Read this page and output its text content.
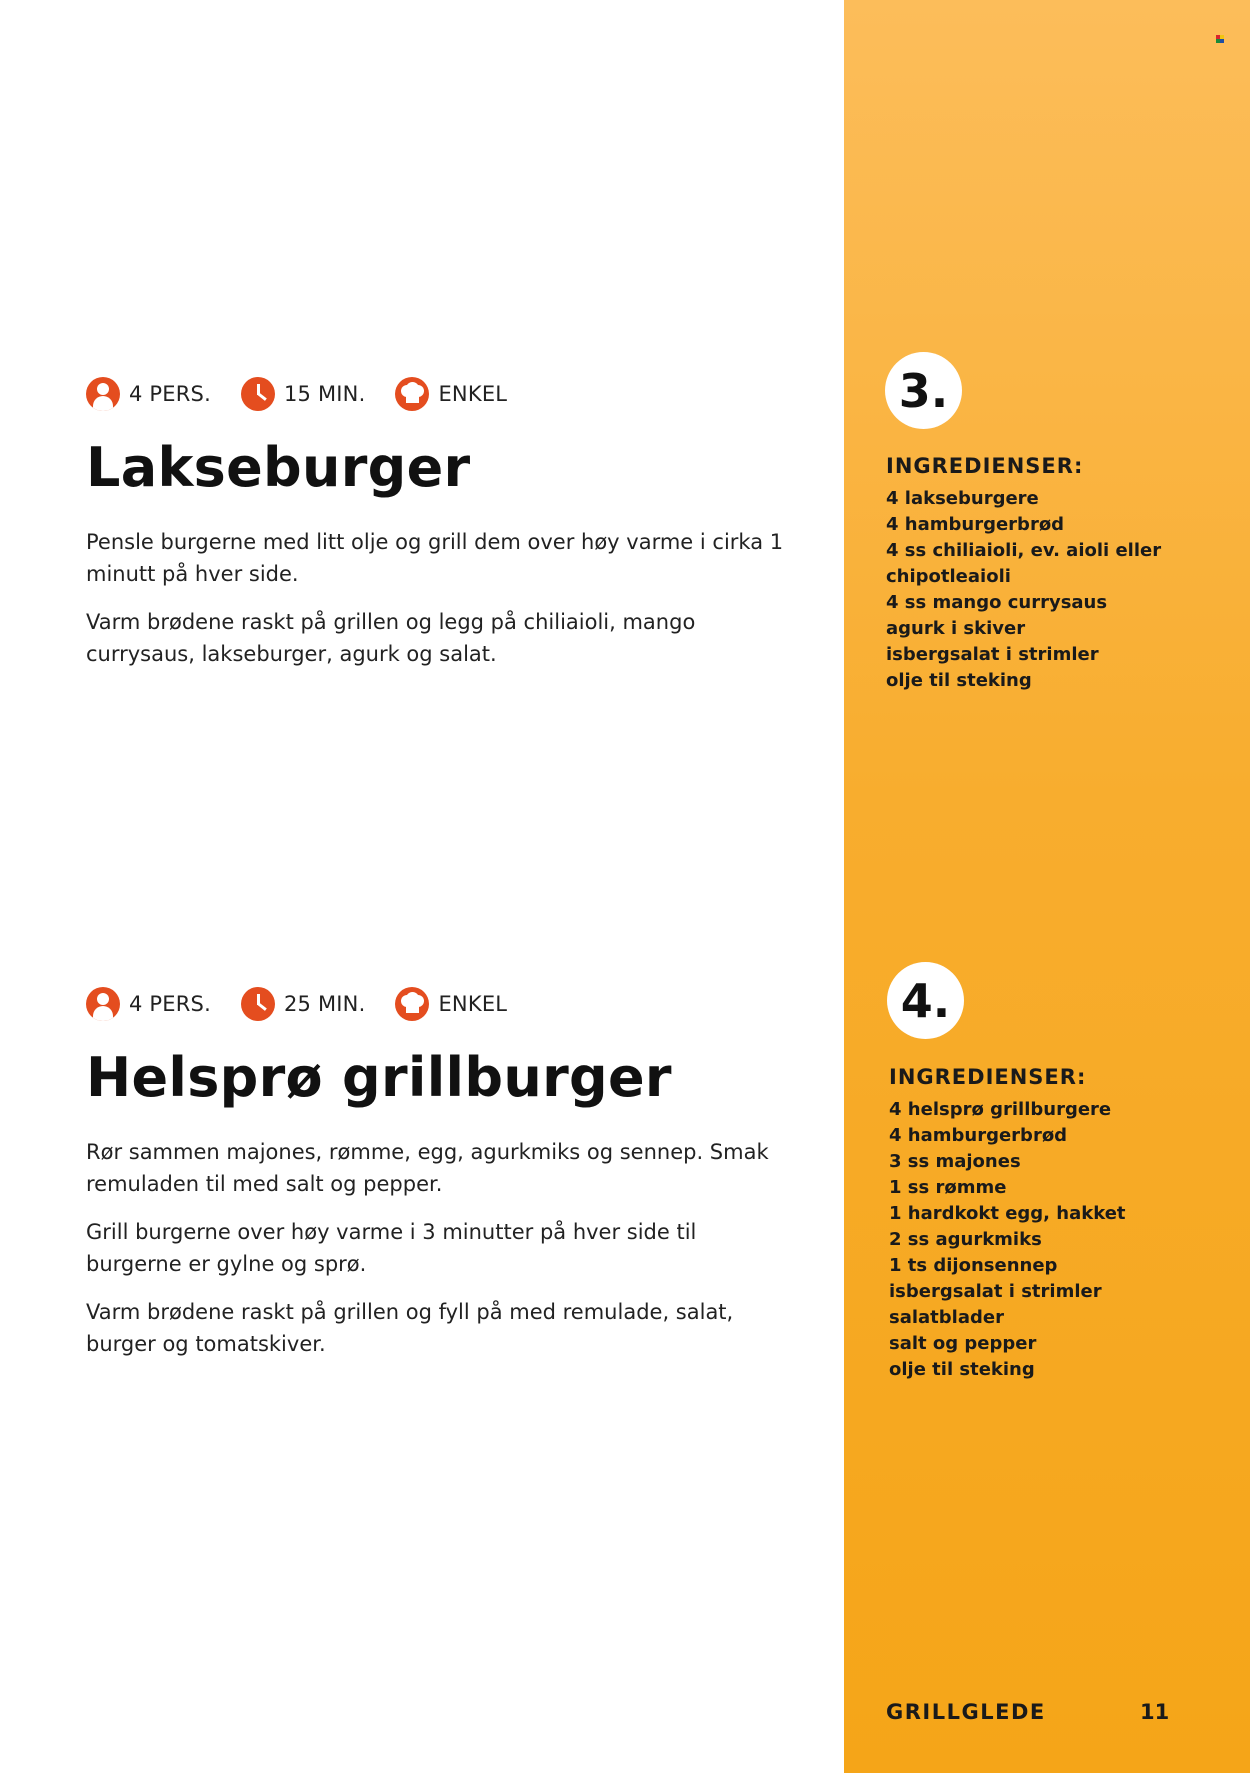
4 PERS.	15 MIN.	ENKEL
Lakseburger

Pensle burgerne med litt olje og grill dem over høy varme i cirka 1 minutt på hver side.

Varm brødene raskt på grillen og legg på chiliaioli, mango currysaus, lakseburger, agurk og salat.

3.
INGREDIENSER:
4 lakseburgere
4 hamburgerbrød
4 ss chiliaioli, ev. aioli eller
chipotleaioli
4 ss mango currysaus
agurk i skiver
isbergsalat i strimler
olje til steking
4 PERS.	25 MIN.	ENKEL
Helsprø grillburger

Rør sammen majones, rømme, egg, agurkmiks og sennep. Smak remuladen til med salt og pepper.

Grill burgerne over høy varme i 3 minutter på hver side til burgerne er gylne og sprø.

Varm brødene raskt på grillen og fyll på med remulade, salat, burger og tomatskiver.

4.
INGREDIENSER:
4 helsprø grillburgere
4 hamburgerbrød
3 ss majones
1 ss rømme
1 hardkokt egg, hakket
2 ss agurkmiks
1 ts dijonsennep
isbergsalat i strimler
salatblader
salt og pepper
olje til steking
GRILLGLEDE	11
